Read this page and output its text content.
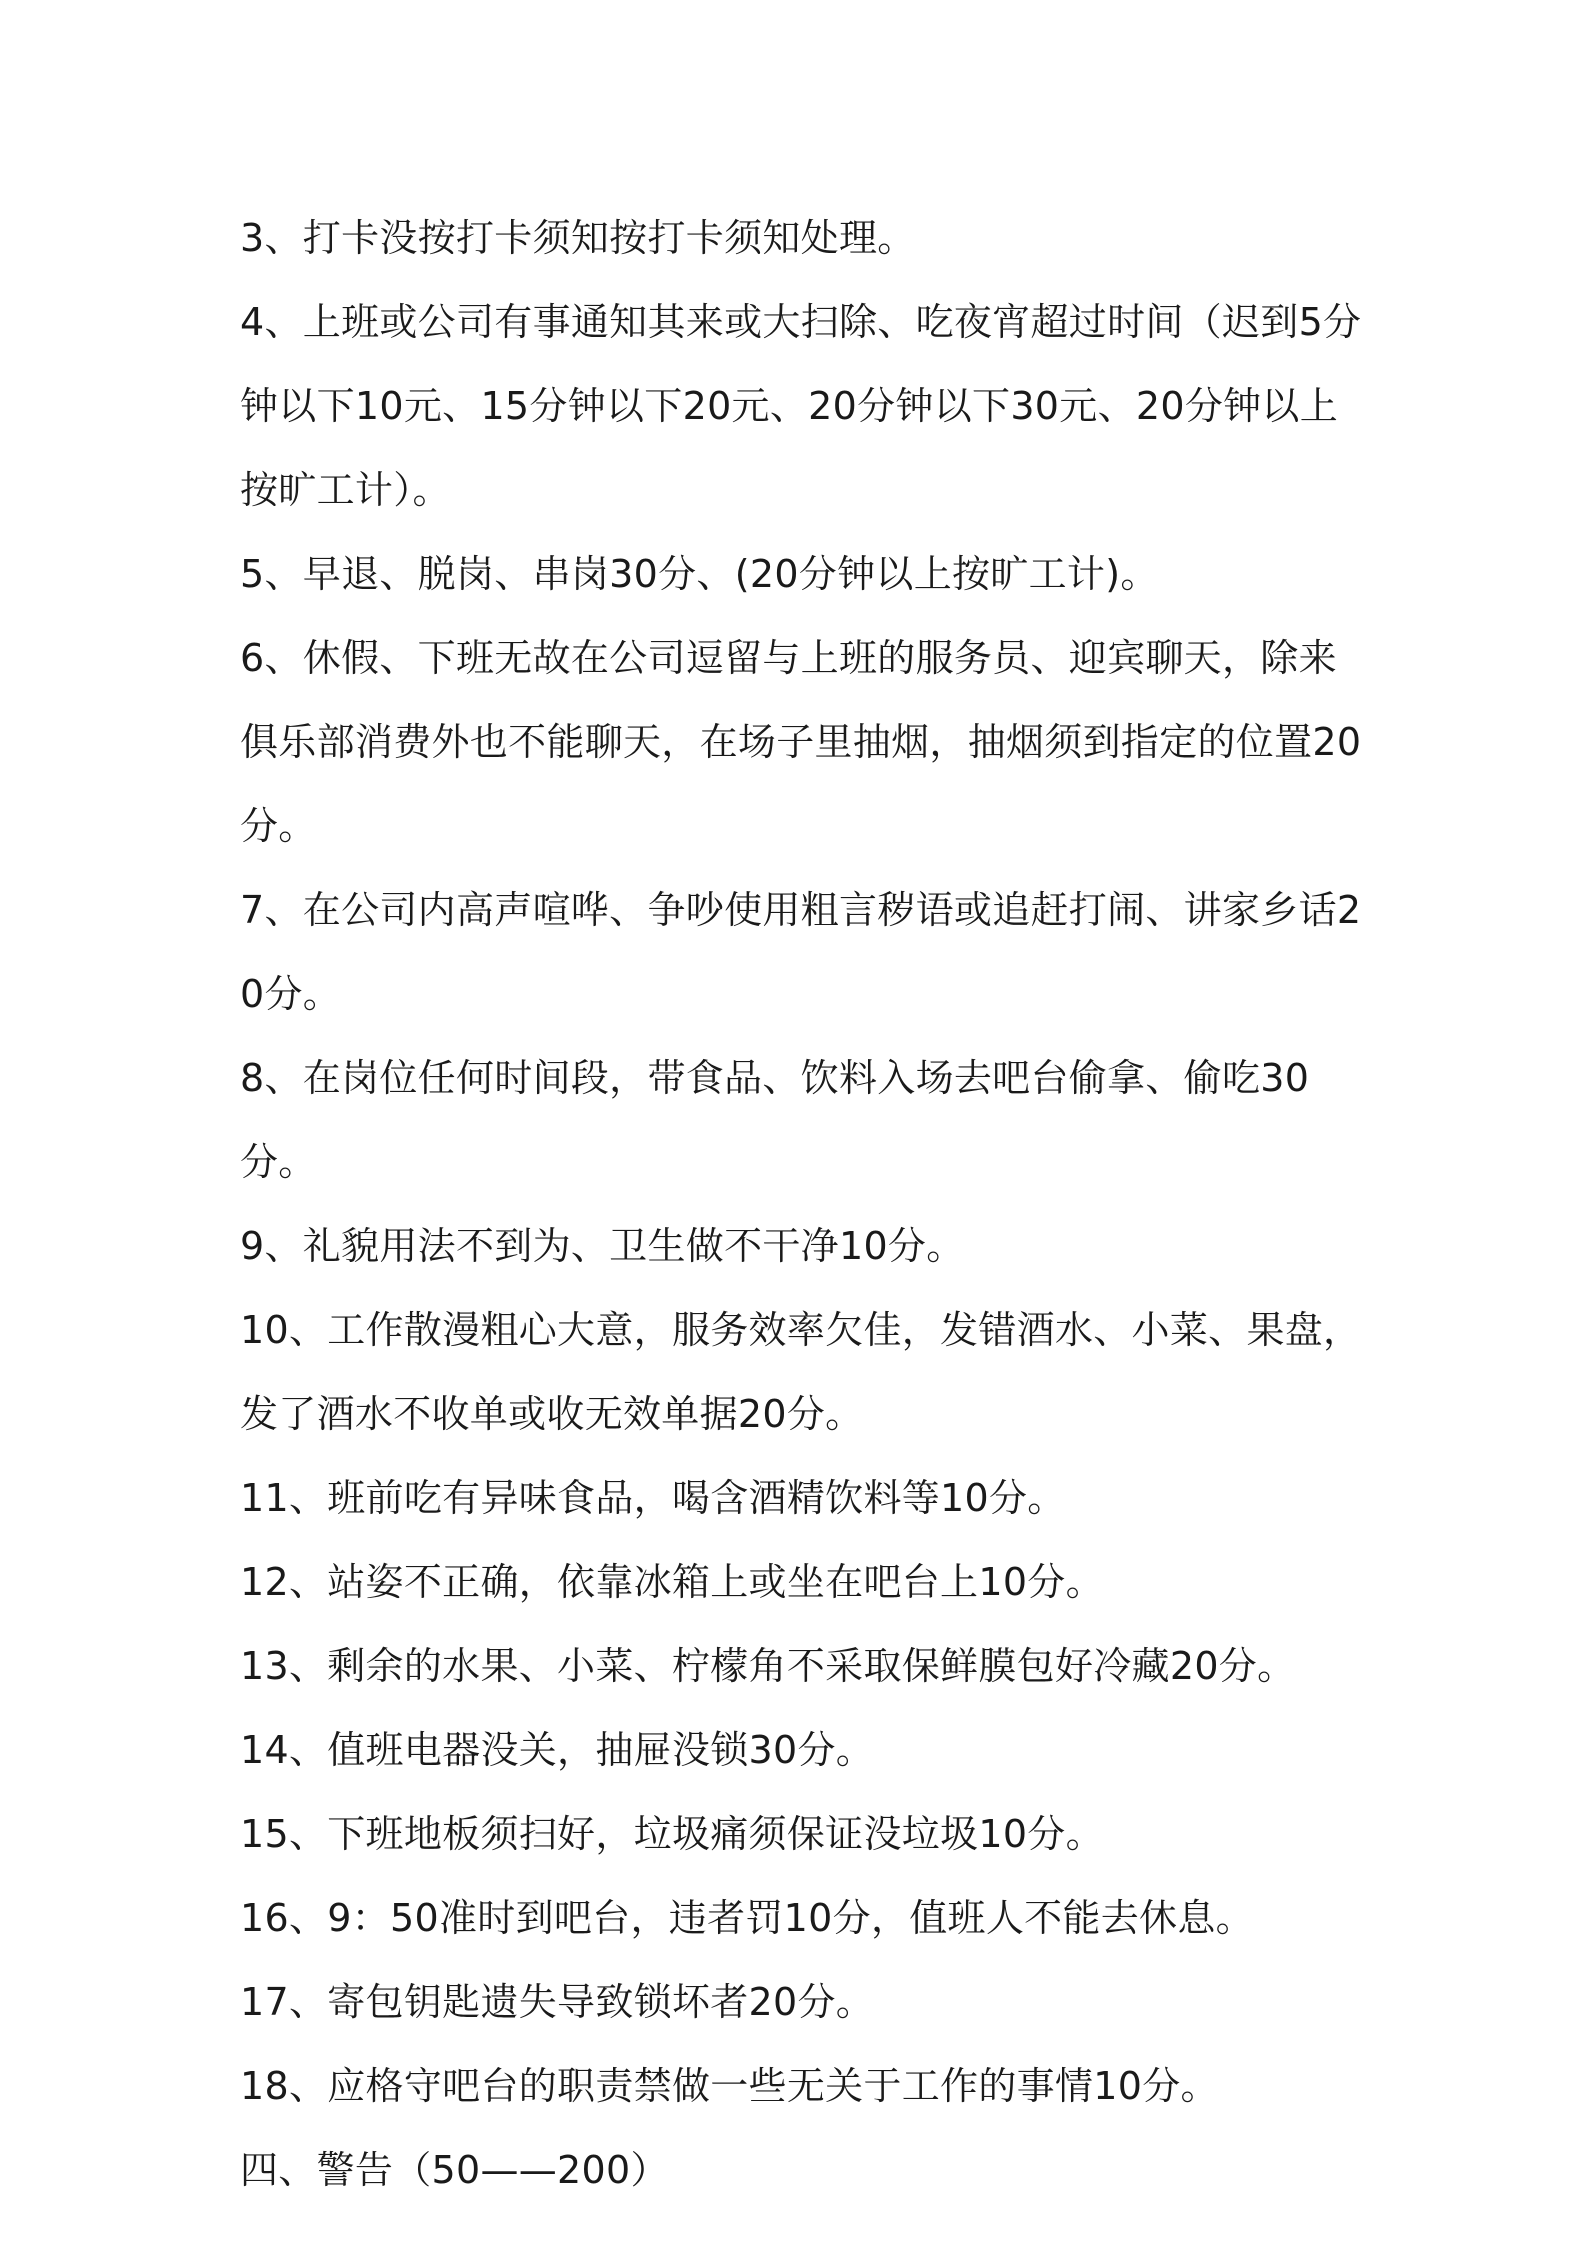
3、打卡没按打卡须知按打卡须知处理。

4、上班或公司有事通知其来或大扫除、吃夜宵超过时间（迟到5分钟以下10元、15分钟以下20元、20分钟以下30元、20分钟以上按旷工计）。

5、早退、脱岗、串岗30分、(20分钟以上按旷工计)。

6、休假、下班无故在公司逗留与上班的服务员、迎宾聊天，除来俱乐部消费外也不能聊天，在场子里抽烟，抽烟须到指定的位置20分。

7、在公司内高声喧哗、争吵使用粗言秽语或追赶打闹、讲家乡话20分。

8、在岗位任何时间段，带食品、饮料入场去吧台偷拿、偷吃30分。

9、礼貌用法不到为、卫生做不干净10分。

10、工作散漫粗心大意，服务效率欠佳，发错酒水、小菜、果盘，发了酒水不收单或收无效单据20分。

11、班前吃有异味食品，喝含酒精饮料等10分。

12、站姿不正确，依靠冰箱上或坐在吧台上10分。

13、剩余的水果、小菜、柠檬角不采取保鲜膜包好冷藏20分。

14、值班电器没关，抽屉没锁30分。

15、下班地板须扫好，垃圾痛须保证没垃圾10分。

16、9：50准时到吧台，违者罚10分，值班人不能去休息。

17、寄包钥匙遗失导致锁坏者20分。

18、应格守吧台的职责禁做一些无关于工作的事情10分。

四、警告（50——200）
